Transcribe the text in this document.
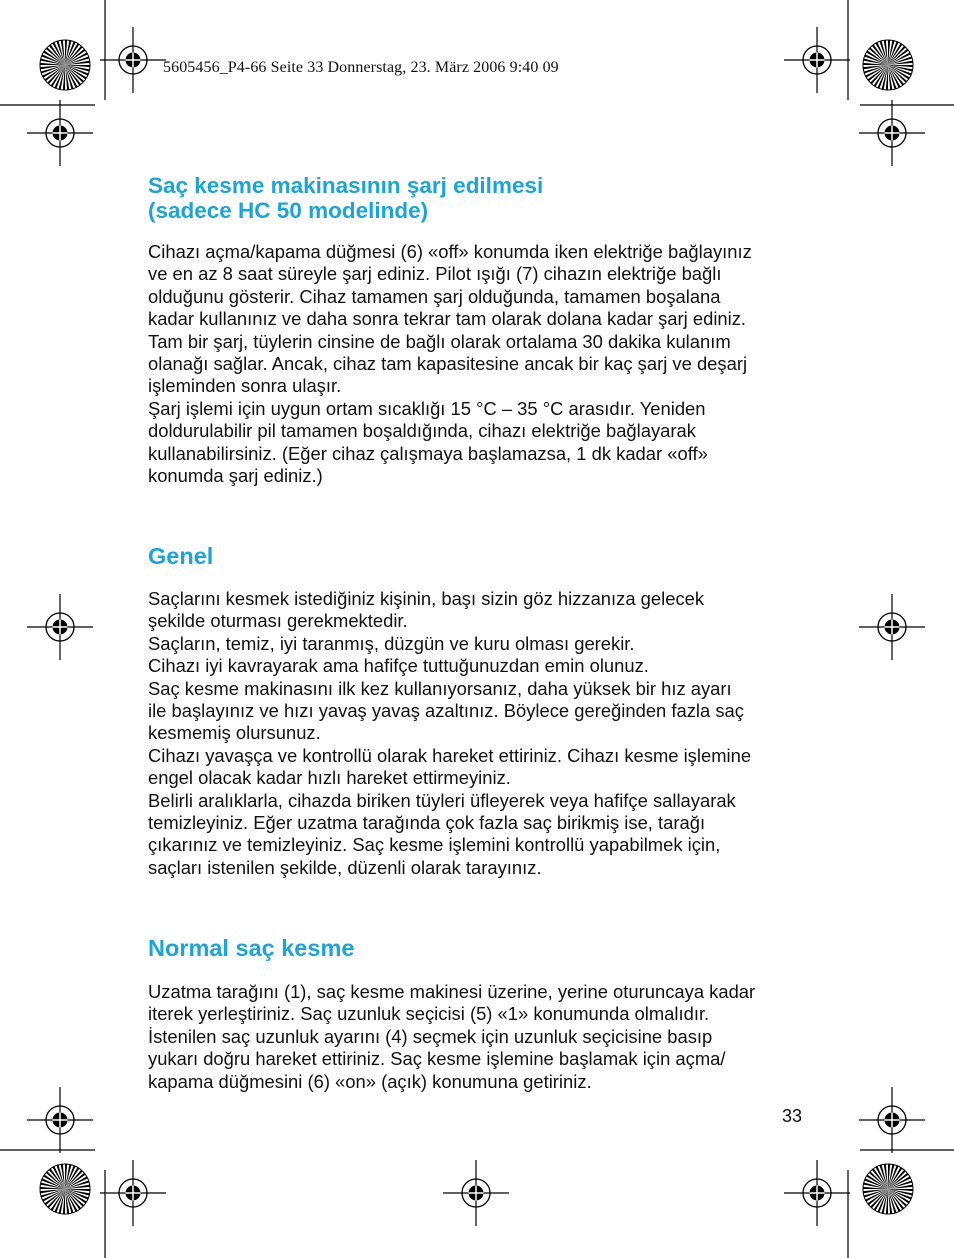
5605456_P4-66 Seite 33 Donnerstag, 23. März 2006 9:40 09
Saç kesme makinasının şarj edilmesi
(sadece HC 50 modelinde)
Cihazı açma/kapama düğmesi (6) «off» konumda iken elektriğe bağlayınız
ve en az 8 saat süreyle şarj ediniz. Pilot ışığı (7) cihazın elektriğe bağlı
olduğunu gösterir. Cihaz tamamen şarj olduğunda, tamamen boşalana
kadar kullanınız ve daha sonra tekrar tam olarak dolana kadar şarj ediniz.
Tam bir şarj, tüylerin cinsine de bağlı olarak ortalama 30 dakika kulanım
olanağı sağlar. Ancak, cihaz tam kapasitesine ancak bir kaç şarj ve deşarj
işleminden sonra ulaşır.
Şarj işlemi için uygun ortam sıcaklığı 15 °C – 35 °C arasıdır. Yeniden
doldurulabilir pil tamamen boşaldığında, cihazı elektriğe bağlayarak
kullanabilirsiniz. (Eğer cihaz çalışmaya başlamazsa, 1 dk kadar «off»
konumda şarj ediniz.)
Genel
Saçlarını kesmek istediğiniz kişinin, başı sizin göz hizzanıza gelecek
şekilde oturması gerekmektedir.
Saçların, temiz, iyi taranmış, düzgün ve kuru olması gerekir.
Cihazı iyi kavrayarak ama hafifçe tuttuğunuzdan emin olunuz.
Saç kesme makinasını ilk kez kullanıyorsanız, daha yüksek bir hız ayarı
ile başlayınız ve hızı yavaş yavaş azaltınız. Böylece gereğinden fazla saç
kesmemiş olursunuz.
Cihazı yavaşça ve kontrollü olarak hareket ettiriniz. Cihazı kesme işlemine
engel olacak kadar hızlı hareket ettirmeyiniz.
Belirli aralıklarla, cihazda biriken tüyleri üfleyerek veya hafifçe sallayarak
temizleyiniz. Eğer uzatma tarağında çok fazla saç birikmiş ise, tarağı
çıkarınız ve temizleyiniz. Saç kesme işlemini kontrollü yapabilmek için,
saçları istenilen şekilde, düzenli olarak tarayınız.
Normal saç kesme
Uzatma tarağını (1), saç kesme makinesi üzerine, yerine oturuncaya kadar
iterek yerleştiriniz. Saç uzunluk seçicisi (5) «1» konumunda olmalıdır.
İstenilen saç uzunluk ayarını (4) seçmek için uzunluk seçicisine basıp
yukarı doğru hareket ettiriniz. Saç kesme işlemine başlamak için açma/
kapama düğmesini (6) «on» (açık) konumuna getiriniz.
33
